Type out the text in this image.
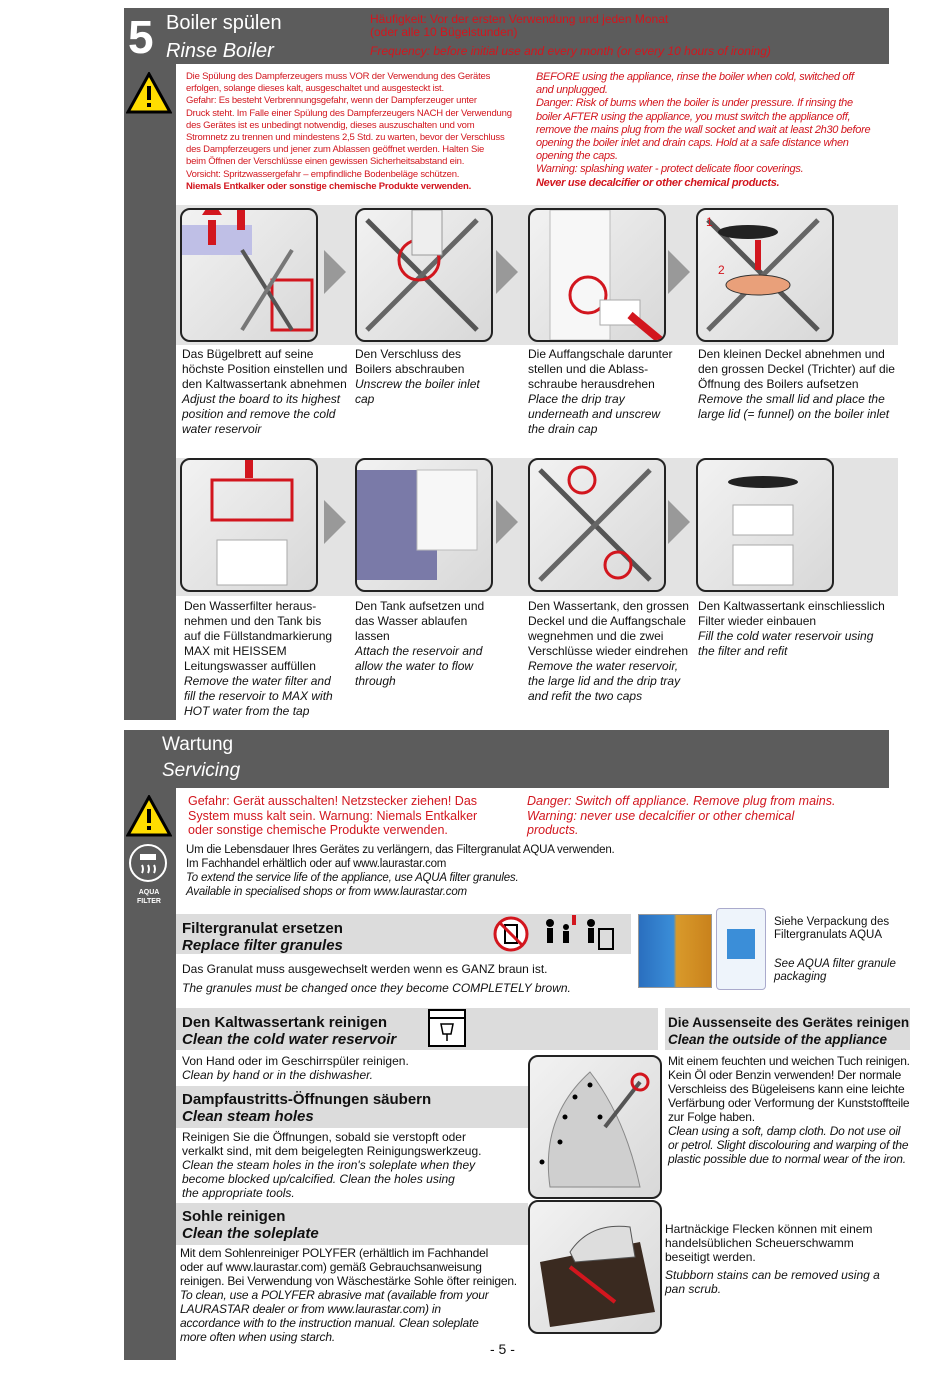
5 Boiler spülen
Rinse Boiler
Häufigkeit: Vor der ersten Verwendung und jeden Monat
(oder alle 10 Bügelstunden)
Frequency: before initial use and every month (or every 10 hours of ironing)
Die Spülung des Dampferzeugers muss VOR der Verwendung des Gerätes
erfolgen, solange dieses kalt, ausgeschaltet und ausgesteckt ist.
Gefahr: Es besteht Verbrennungsgefahr, wenn der Dampferzeuger unter
Druck steht. Im Falle einer Spülung des Dampferzeugers NACH der Verwendung
des Gerätes ist es unbedingt notwendig, dieses auszuschalten und vom
Stromnetz zu trennen und mindestens 2,5 Std. zu warten, bevor der Verschluss
des Dampferzeugers und jener zum Ablassen geöffnet werden. Halten Sie
beim Öffnen der Verschlüsse einen gewissen Sicherheitsabstand ein.
Vorsicht: Spritzwassergefahr – empfindliche Bodenbeläge schützen.
Niemals Entkalker oder sonstige chemische Produkte verwenden.
BEFORE using the appliance, rinse the boiler when cold, switched off
and unplugged.
Danger: Risk of burns when the boiler is under pressure. If rinsing the
boiler AFTER using the appliance, you must switch the appliance off,
remove the mains plug from the wall socket and wait at least 2h30 before
opening the boiler inlet and drain caps. Hold at a safe distance when
opening the caps.
Warning: splashing water - protect delicate floor coverings.
Never use decalcifier or other chemical products.
1
2
Das Bügelbrett auf seine
höchste Position einstellen und
den Kaltwassertank abnehmen
Adjust the board to its highest
position and remove the cold
water reservoir
Den Verschluss des
Boilers abschrauben
Unscrew the boiler inlet
cap
Die Auffangschale darunter
stellen und die Ablass-
schraube herausdrehen
Place the drip tray
underneath and unscrew
the drain cap
Den kleinen Deckel abnehmen und
den grossen Deckel (Trichter) auf die
Öffnung des Boilers aufsetzen
Remove the small lid and place the
large lid (= funnel) on the boiler inlet
Den Wasserfilter heraus-
nehmen und den Tank bis
auf die Füllstandmarkierung
MAX mit HEISSEM
Leitungswasser auffüllen
Remove the water filter and
fill the reservoir to MAX with
HOT water from the tap
Den Tank aufsetzen und
das Wasser ablaufen
lassen
Attach the reservoir and
allow the water to flow
through
Den Wassertank, den grossen
Deckel und die Auffangschale
wegnehmen und die zwei
Verschlüsse wieder eindrehen
Remove the water reservoir,
the large lid and the drip tray
and refit the two caps
Den Kaltwassertank einschliesslich
Filter wieder einbauen
Fill the cold water reservoir using
the filter and refit
Wartung
Servicing
AQUA
FILTER
Gefahr: Gerät ausschalten! Netzstecker ziehen! Das
System muss kalt sein. Warnung: Niemals Entkalker
oder sonstige chemische Produkte verwenden.
Danger: Switch off appliance. Remove plug from mains.
Warning: never use decalcifier or other chemical
products.
Um die Lebensdauer Ihres Gerätes zu verlängern, das Filtergranulat AQUA verwenden.
Im Fachhandel erhältlich oder auf www.laurastar.com
To extend the service life of the appliance, use AQUA filter granules.
Available in specialised shops or from www.laurastar.com
Filtergranulat ersetzen
Replace filter granules
Das Granulat muss ausgewechselt werden wenn es GANZ braun ist.
The granules must be changed once they become COMPLETELY brown.
Siehe Verpackung des
Filtergranulats AQUA
See AQUA filter granule
packaging
Den Kaltwassertank reinigen
Clean the cold water reservoir
Von Hand oder im Geschirrspüler reinigen.
Clean by hand or in the dishwasher.
Dampfaustritts-Öffnungen säubern
Clean steam holes
Reinigen Sie die Öffnungen, sobald sie verstopft oder
verkalkt sind, mit dem beigelegten Reinigungswerkzeug.
Clean the steam holes in the iron's soleplate when they
become blocked up/calcified. Clean the holes using
the appropriate tools.
Die Aussenseite des Gerätes reinigen
Clean the outside of the appliance
Mit einem feuchten und weichen Tuch reinigen.
Kein Öl oder Benzin verwenden! Der normale
Verschleiss des Bügeleisens kann eine leichte
Verfärbung oder Verformung der Kunststoffteile
zur Folge haben.
Clean using a soft, damp cloth. Do not use oil
or petrol. Slight discolouring and warping of the
plastic possible due to normal wear of the iron.
Sohle reinigen
Clean the soleplate
Mit dem Sohlenreiniger POLYFER (erhältlich im Fachhandel
oder auf www.laurastar.com) gemäß Gebrauchsanweisung
reinigen. Bei Verwendung von Wäschestärke Sohle öfter reinigen.
To clean, use a POLYFER abrasive mat (available from your
LAURASTAR dealer or from www.laurastar.com) in
accordance with to the instruction manual. Clean soleplate
more often when using starch.
Hartnäckige Flecken können mit einem
handelsüblichen Scheuerschwamm
beseitigt werden.
Stubborn stains can be removed using a
pan scrub.
- 5 -
